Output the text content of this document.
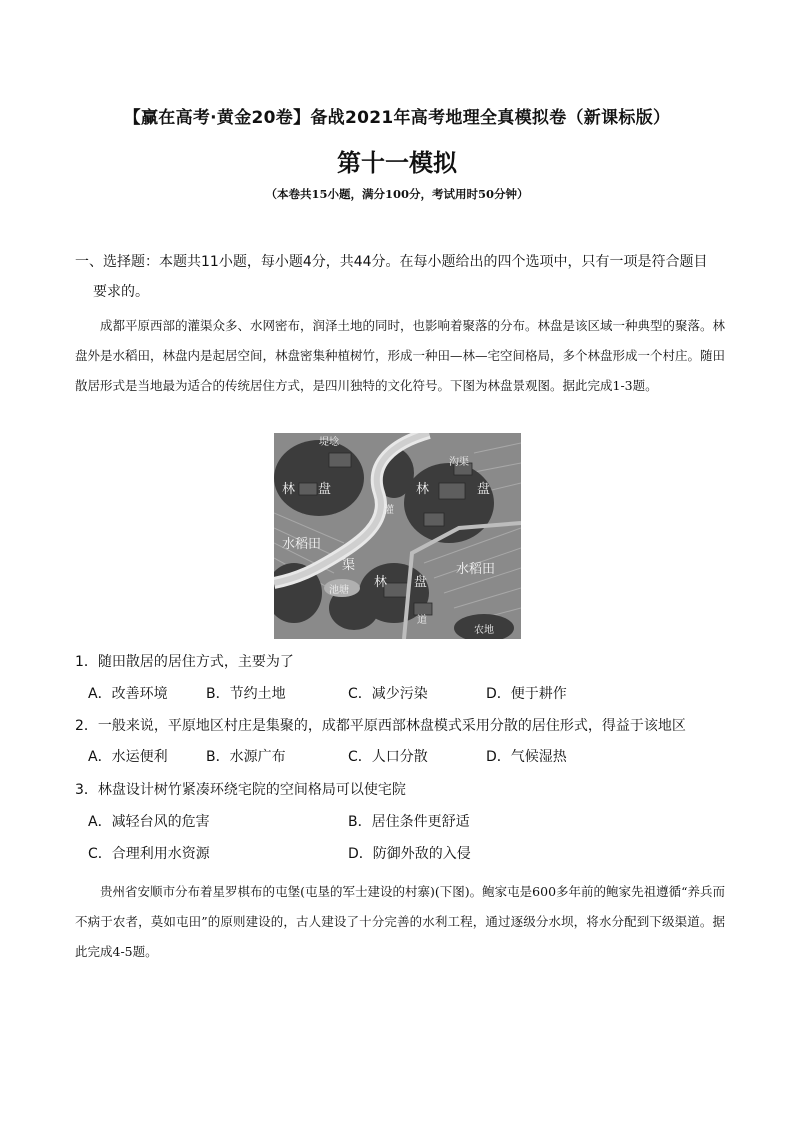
【赢在高考·黄金20卷】备战2021年高考地理全真模拟卷（新课标版）
第十一模拟
（本卷共15小题，满分100分，考试用时50分钟）
一、选择题：本题共11小题，每小题4分，共44分。在每小题给出的四个选项中，只有一项是符合题目
要求的。
成都平原西部的灌渠众多、水网密布，润泽土地的同时，也影响着聚落的分布。林盘是该区域一种典型的聚落。林盘外是水稻田，林盘内是起居空间，林盘密集种植树竹，形成一种田—林—宅空间格局，多个林盘形成一个村庄。随田散居形式是当地最为适合的传统居住方式，是四川独特的文化符号。下图为林盘景观图。据此完成1-3题。
堤埝
沟渠
林 盘	林	盘
灌
水稻田
水稻田
渠
林 盘
池塘
道
农地
1．随田散居的居住方式，主要为了
A．改善环境	B．节约土地	C．减少污染	D．便于耕作
2．一般来说，平原地区村庄是集聚的，成都平原西部林盘模式采用分散的居住形式，得益于该地区
A．水运便利	B．水源广布	C．人口分散	D．气候湿热
3．林盘设计树竹紧凑环绕宅院的空间格局可以使宅院
A．减轻台风的危害	B．居住条件更舒适
C．合理利用水资源	D．防御外敌的入侵
贵州省安顺市分布着星罗棋布的屯堡(屯垦的军士建设的村寨)(下图)。鲍家屯是600多年前的鲍家先祖遵循“养兵而不病于农者，莫如屯田”的原则建设的，古人建设了十分完善的水利工程，通过逐级分水坝，将水分配到下级渠道。据此完成4-5题。
